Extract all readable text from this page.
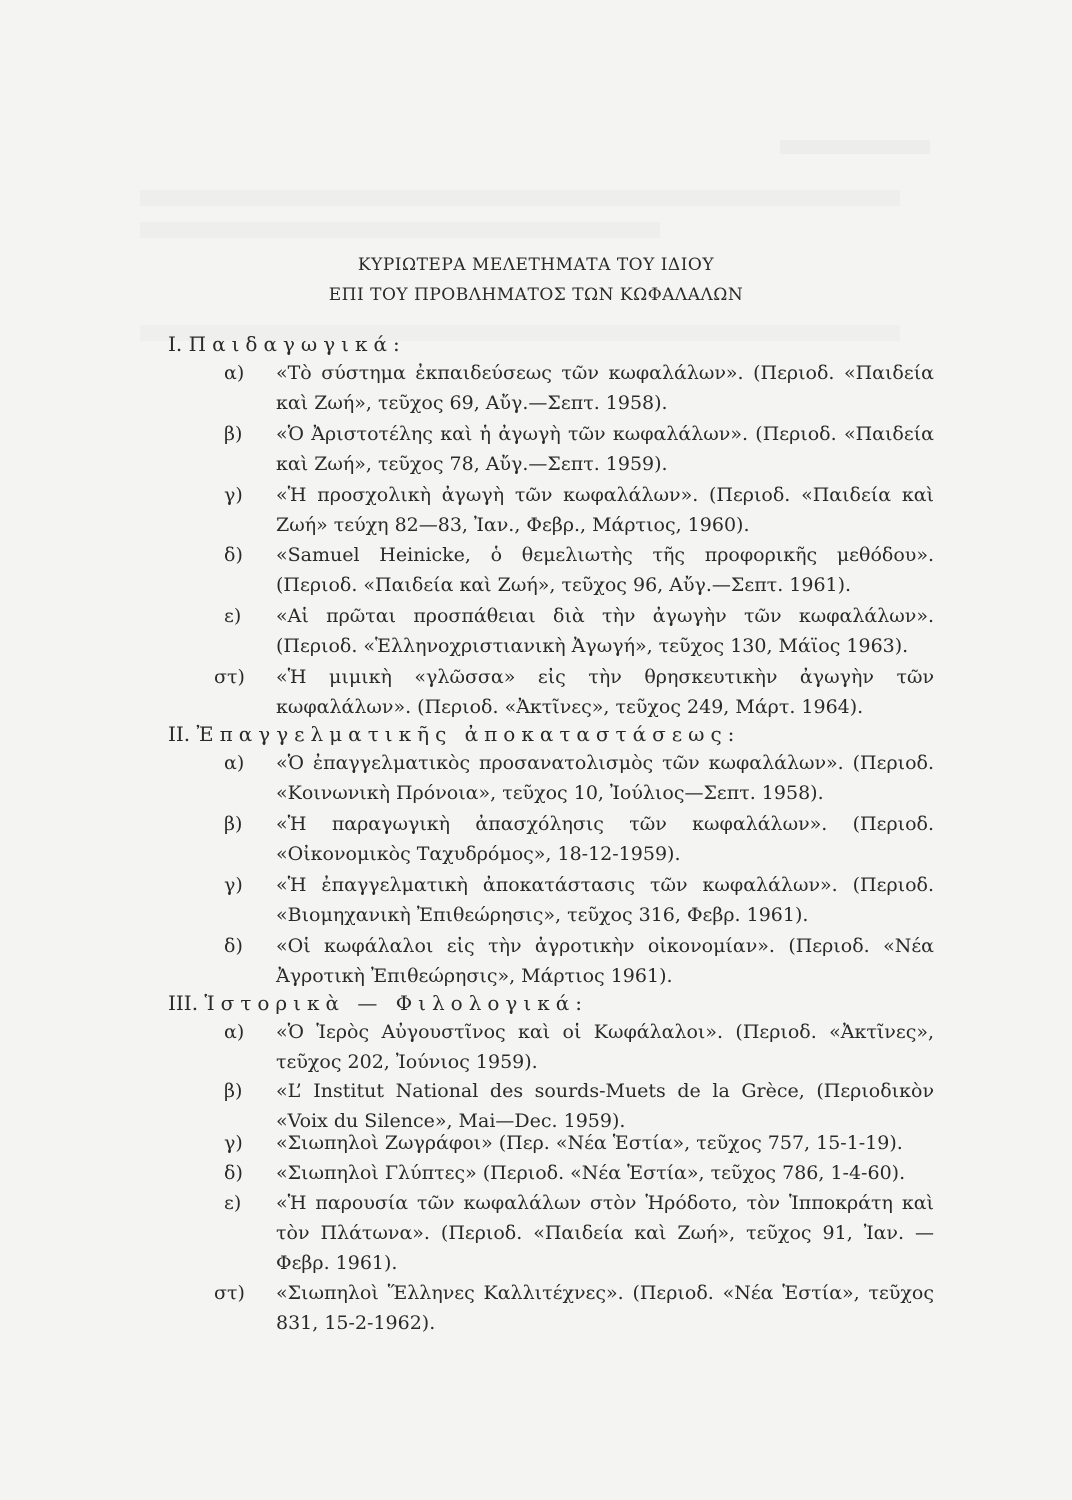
ΚΥΡΙΩΤΕΡΑ ΜΕΛΕΤΗΜΑΤΑ ΤΟΥ ΙΔΙΟΥ
ΕΠΙ ΤΟΥ ΠΡΟΒΛΗΜΑΤΟΣ ΤΩΝ ΚΩΦΑΛΑΛΩΝ
I. Παιδαγωγικά:
α)	«Τὸ σύστημα ἐκπαιδεύσεως τῶν κωφαλάλων». (Περιοδ. «Παιδεία καὶ Ζωή», τεῦχος 69, Αὔγ.—Σεπτ. 1958).
β)	«Ὁ Ἀριστοτέλης καὶ ἡ ἀγωγὴ τῶν κωφαλάλων». (Περιοδ. «Παιδεία καὶ Ζωή», τεῦχος 78, Αὔγ.—Σεπτ. 1959).
γ)	«Ἡ προσχολικὴ ἀγωγὴ τῶν κωφαλάλων». (Περιοδ. «Παιδεία καὶ Ζωή» τεύχη 82—83, Ἰαν., Φεβρ., Μάρτιος, 1960).
δ)	«Samuel Heinicke, ὁ θεμελιωτὴς τῆς προφορικῆς μεθόδου». (Περιοδ. «Παιδεία καὶ Ζωή», τεῦχος 96, Αὔγ.—Σεπτ. 1961).
ε)	«Αἱ πρῶται προσπάθειαι διὰ τὴν ἀγωγὴν τῶν κωφαλάλων». (Περιοδ. «Ἑλληνοχριστιανικὴ Ἀγωγή», τεῦχος 130, Μάϊος 1963).
στ)	«Ἡ μιμικὴ «γλῶσσα» εἰς τὴν θρησκευτικὴν ἀγωγὴν τῶν κωφαλάλων». (Περιοδ. «Ἀκτῖνες», τεῦχος 249, Μάρτ. 1964).
II. Ἐπαγγελματικῆς ἀποκαταστάσεως:
α)	«Ὁ ἐπαγγελματικὸς προσανατολισμὸς τῶν κωφαλάλων». (Περιοδ. «Κοινωνικὴ Πρόνοια», τεῦχος 10, Ἰούλιος—Σεπτ. 1958).
β)	«Ἡ παραγωγικὴ ἀπασχόλησις τῶν κωφαλάλων». (Περιοδ. «Οἰκονομικὸς Ταχυδρόμος», 18-12-1959).
γ)	«Ἡ ἐπαγγελματικὴ ἀποκατάστασις τῶν κωφαλάλων». (Περιοδ. «Βιομηχανικὴ Ἐπιθεώρησις», τεῦχος 316, Φεβρ. 1961).
δ)	«Οἱ κωφάλαλοι εἰς τὴν ἀγροτικὴν οἰκονομίαν». (Περιοδ. «Νέα Ἀγροτικὴ Ἐπιθεώρησις», Μάρτιος 1961).
III. Ἱστορικὰ — Φιλολογικά:
α)	«Ὁ Ἱερὸς Αὐγουστῖνος καὶ οἱ Κωφάλαλοι». (Περιοδ. «Ἀκτῖνες», τεῦχος 202, Ἰούνιος 1959).
β)	«L’ Institut National des sourds-Muets de la Grèce, (Περιοδικὸν «Voix du Silence», Mai—Dec. 1959).
γ)	«Σιωπηλοὶ Ζωγράφοι» (Περ. «Νέα Ἑστία», τεῦχος 757, 15-1-19).
δ)	«Σιωπηλοὶ Γλύπτες» (Περιοδ. «Νέα Ἑστία», τεῦχος 786, 1-4-60).
ε)	«Ἡ παρουσία τῶν κωφαλάλων στὸν Ἡρόδοτο, τὸν Ἱπποκράτη καὶ τὸν Πλάτωνα». (Περιοδ. «Παιδεία καὶ Ζωή», τεῦχος 91, Ἰαν. —Φεβρ. 1961).
στ)	«Σιωπηλοὶ Ἕλληνες Καλλιτέχνες». (Περιοδ. «Νέα Ἑστία», τεῦχος 831, 15-2-1962).
